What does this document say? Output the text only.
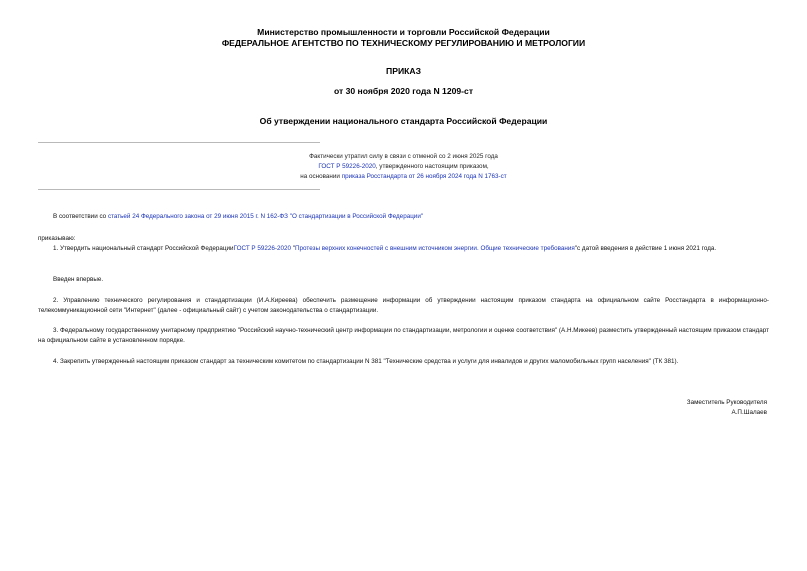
Министерство промышленности и торговли Российской Федерации
ФЕДЕРАЛЬНОЕ АГЕНТСТВО ПО ТЕХНИЧЕСКОМУ РЕГУЛИРОВАНИЮ И МЕТРОЛОГИИ
ПРИКАЗ
от 30 ноября 2020 года N 1209-ст
Об утверждении национального стандарта Российской Федерации
Фактически утратил силу в связи с отменой со 2 июня 2025 года
ГОСТ Р 59226-2020, утвержденного настоящим приказом,
на основании приказа Росстандарта от 26 ноября 2024 года N 1763-ст
В соответствии со статьей 24 Федерального закона от 29 июня 2015 г. N 162-ФЗ "О стандартизации в Российской Федерации"
приказываю:
1. Утвердить национальный стандарт Российской ФедерацииГОСТ Р 59226-2020 "Протезы верхних конечностей с внешним источником энергии. Общие технические требования"с датой введения в действие 1 июня 2021 года.
Введен впервые.
2. Управлению технического регулирования и стандартизации (И.А.Киреева) обеспечить размещение информации об утверждении настоящим приказом стандарта на официальном сайте Росстандарта в информационно-телекоммуникационной сети "Интернет" (далее - официальный сайт) с учетом законодательства о стандартизации.
3. Федеральному государственному унитарному предприятию "Российский научно-технический центр информации по стандартизации, метрологии и оценке соответствия" (А.Н.Микеев) разместить утвержденный настоящим приказом стандарт на официальном сайте в установленном порядке.
4. Закрепить утвержденный настоящим приказом стандарт за техническим комитетом по стандартизации N 381 "Технические средства и услуги для инвалидов и других маломобильных групп населения" (ТК 381).
Заместитель Руководителя
А.П.Шалаев
